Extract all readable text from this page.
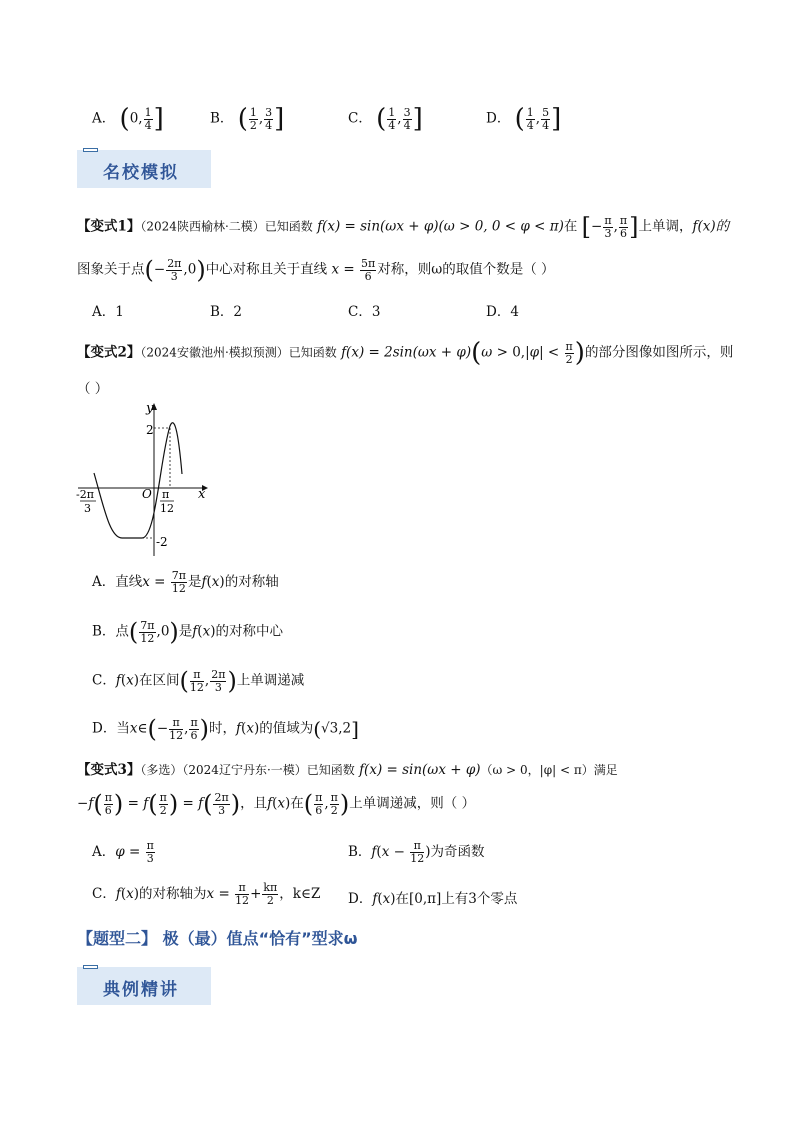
A． (0, $\frac{1}{4}$ ]	B． ( $\frac{1}{2}$ , $\frac{3}{4}$ ]	C． ( $\frac{1}{4}$ , $\frac{3}{4}$ ]	D． ( $\frac{1}{4}$ , $\frac{5}{4}$ ]
名校模拟
【变式1】（2024陕西榆林·二模）已知函数 f(x) = sin(ωx + φ)(ω > 0, 0 < φ < π)在 [− $\frac{\pi}{3}$ , $\frac{\pi}{6}$ ]上单调，f(x)的
图象关于点(− $\frac{2\pi}{3} ,0$)中心对称且关于直线 $x = \frac{5\pi}{6}$ 对称，则ω的取值个数是（ ）
A．1	B．2	C．3	D．4
【变式2】（2024安徽池州·模拟预测）已知函数 $f(x) = 2\sin(\omega x + \varphi)(\omega > 0,|\varphi| < \frac{\pi}{2}$ )的部分图像如图所示，则
（ ）
y
x
O
2
-2
π
12
-2π
3
A．直线$x = \frac{7\pi}{12}$ 是f(x)的对称轴
B．点( $\frac{7\pi}{12} ,0$)是f(x)的对称中心
C．f(x)在区间( $\frac{\pi}{12}$ , $\frac{2\pi}{3}$ )上单调递减
D．当x∈(− $\frac{\pi}{12}$ , $\frac{\pi}{6}$ )时，f(x)的值域为(√3,2]
【变式3】（多选）（2024辽宁丹东·一模）已知函数 f(x) = sin(ωx + φ)（ω > 0，|φ| < π）满足
$-f( \frac{\pi}{6}$ ) = $f( \frac{\pi}{2}$ ) = $f( \frac{2\pi}{3}$ )，且f(x)在( $\frac{\pi}{6}$ , $\frac{\pi}{2}$ )上单调递减，则（ ）
A．$\varphi = \frac{\pi}{3}$	B．$f(x - \frac{\pi}{12}$ )为奇函数
C．f(x)的对称轴为$x = \frac{\pi}{12} + \frac{k\pi}{2}$ ，k∈Z D．f(x)在[0,π]上有3个零点
【题型二】 极（最）值点“恰有”型求ω
典例精讲
